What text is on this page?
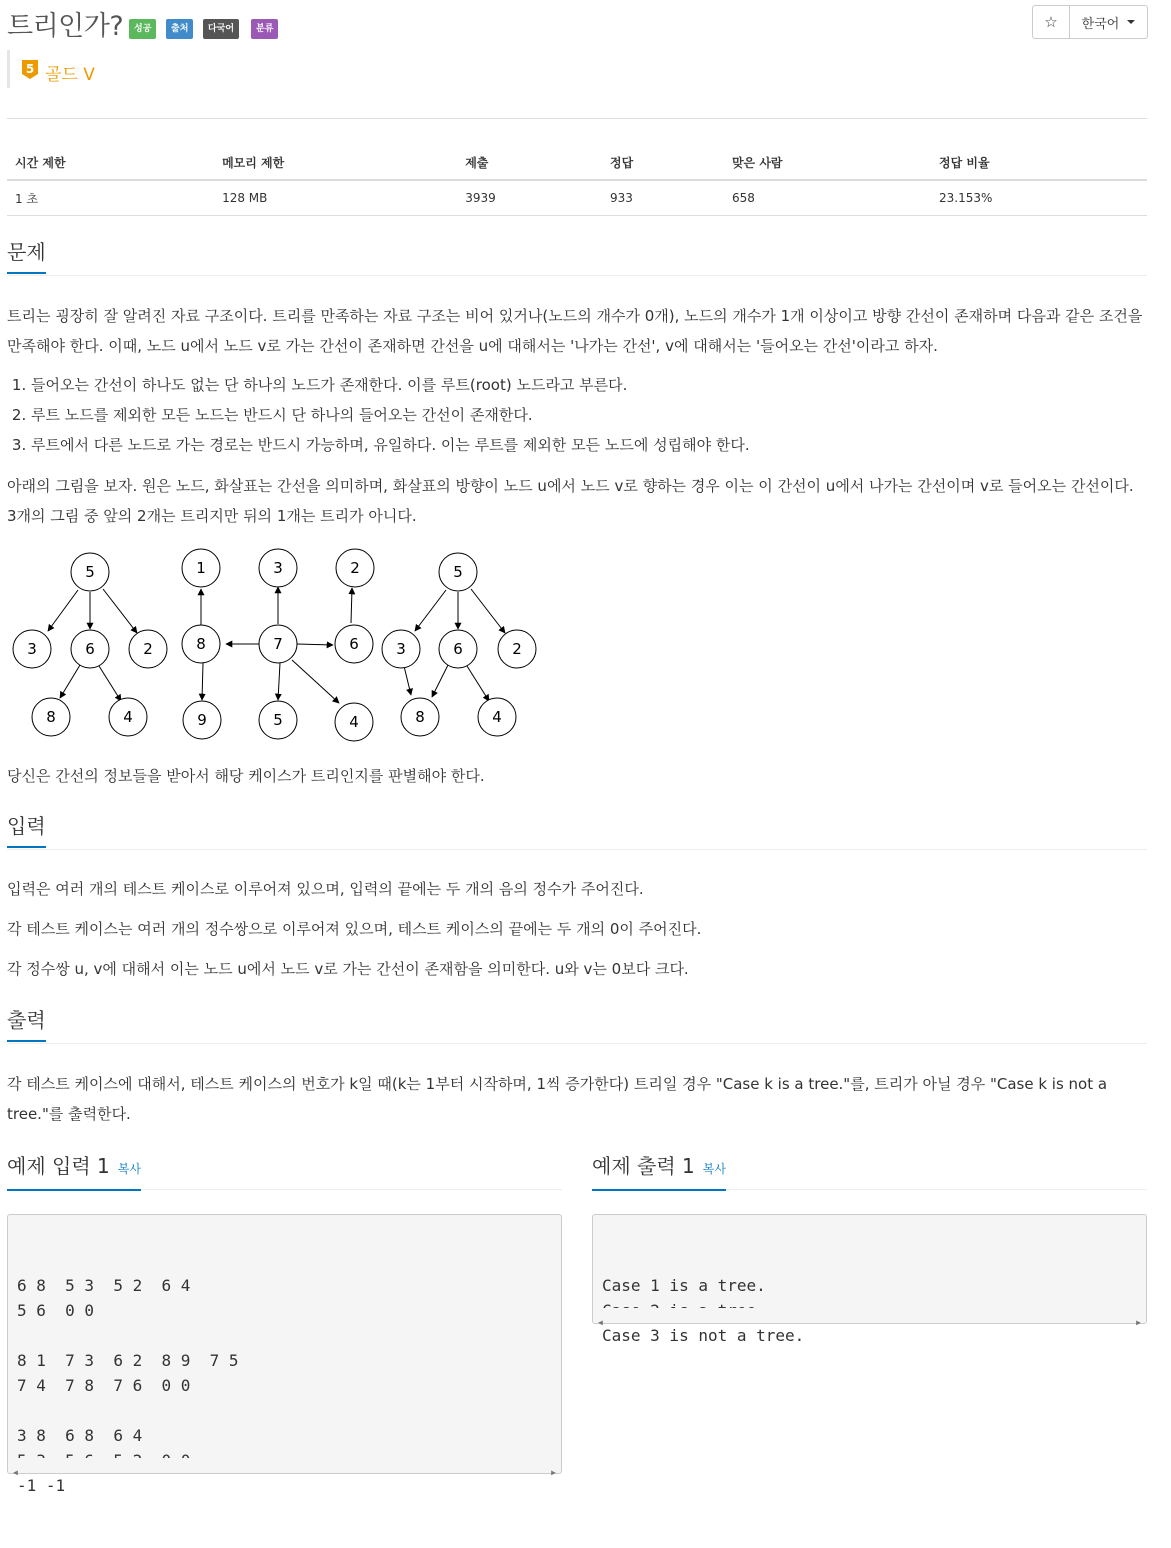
트리인가?	성공	출처	다국어	분류
5 골드 V
☆ 한국어
시간 제한	메모리 제한	제출	정답	맞은 사람	정답 비율
1 초	128 MB	3939	933	658	23.153%
문제

트리는 굉장히 잘 알려진 자료 구조이다. 트리를 만족하는 자료 구조는 비어 있거나(노드의 개수가 0개), 노드의 개수가 1개 이상이고 방향 간선이 존재하며 다음과 같은 조건을 만족해야 한다. 이때, 노드 u에서 노드 v로 가는 간선이 존재하면 간선을 u에 대해서는 '나가는 간선', v에 대해서는 '들어오는 간선'이라고 하자.

1. 들어오는 간선이 하나도 없는 단 하나의 노드가 존재한다. 이를 루트(root) 노드라고 부른다.
2. 루트 노드를 제외한 모든 노드는 반드시 단 하나의 들어오는 간선이 존재한다.
3. 루트에서 다른 노드로 가는 경로는 반드시 가능하며, 유일하다. 이는 루트를 제외한 모든 노드에 성립해야 한다.

아래의 그림을 보자. 원은 노드, 화살표는 간선을 의미하며, 화살표의 방향이 노드 u에서 노드 v로 향하는 경우 이는 이 간선이 u에서 나가는 간선이며 v로 들어오는 간선이다. 3개의 그림 중 앞의 2개는 트리지만 뒤의 1개는 트리가 아니다.

5
3	6	2
8	4
1	3	2
8	7	6
9	5	4
5
3	6	2
8	4

당신은 간선의 정보들을 받아서 해당 케이스가 트리인지를 판별해야 한다.

입력

입력은 여러 개의 테스트 케이스로 이루어져 있으며, 입력의 끝에는 두 개의 음의 정수가 주어진다.

각 테스트 케이스는 여러 개의 정수쌍으로 이루어져 있으며, 테스트 케이스의 끝에는 두 개의 0이 주어진다.

각 정수쌍 u, v에 대해서 이는 노드 u에서 노드 v로 가는 간선이 존재함을 의미한다. u와 v는 0보다 크다.

출력

각 테스트 케이스에 대해서, 테스트 케이스의 번호가 k일 때(k는 1부터 시작하며, 1씩 증가한다) 트리일 경우 "Case k is a tree."를, 트리가 아닐 경우 "Case k is not a tree."를 출력한다.

예제 입력 1 복사	예제 출력 1 복사

6 8  5 3  5 2  6 4
5 6  0 0

8 1  7 3  6 2  8 9  7 5
7 4  7 8  7 6  0 0

3 8  6 8  6 4

-1 -1

◀	▶

Case 1 is a tree.

Case 3 is not a tree.

◀	▶
